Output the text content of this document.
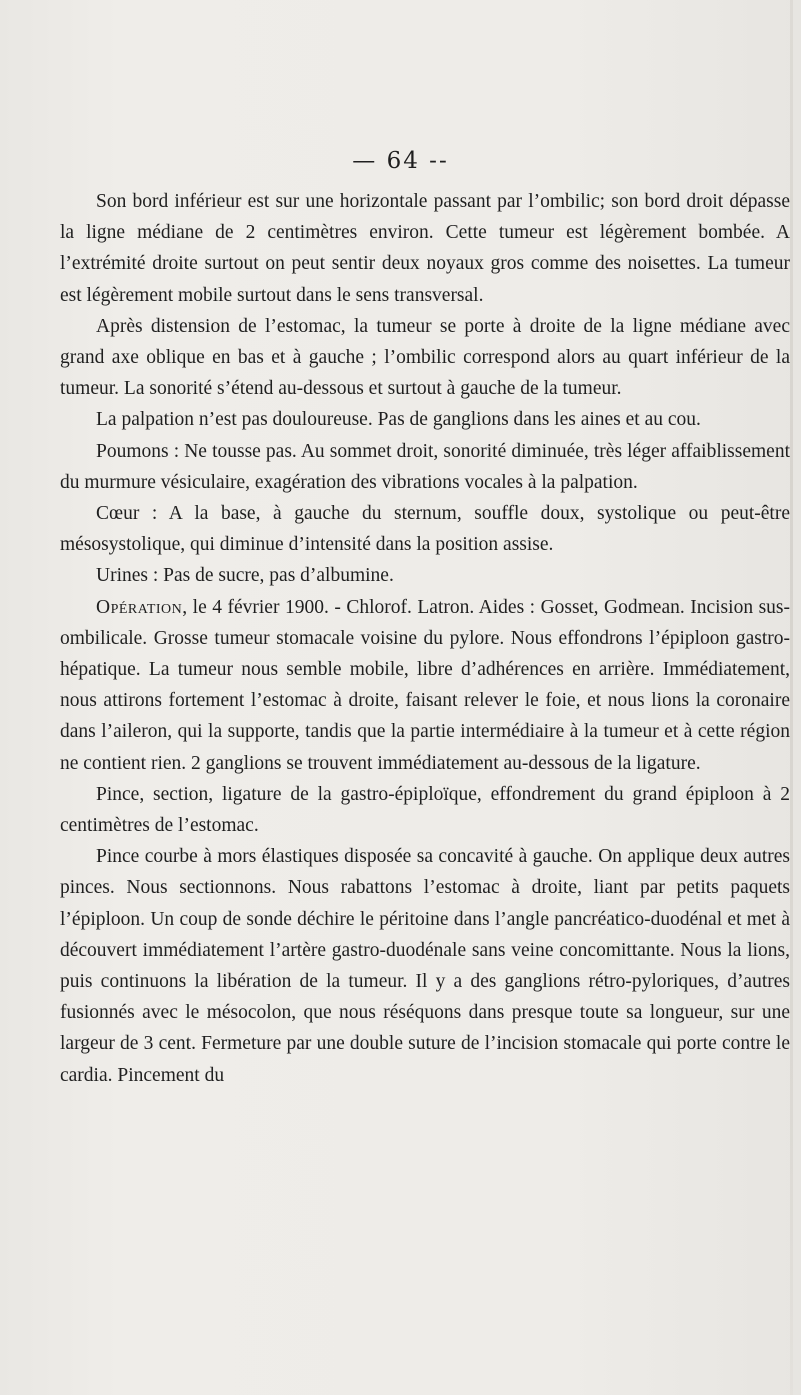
— 64 --

Son bord inférieur est sur une horizontale passant par l’ombilic; son bord droit dépasse la ligne médiane de 2 centimètres environ. Cette tumeur est légèrement bombée. A l’extrémité droite surtout on peut sentir deux noyaux gros comme des noisettes. La tumeur est légèrement mobile surtout dans le sens transversal.

Après distension de l’estomac, la tumeur se porte à droite de la ligne médiane avec grand axe oblique en bas et à gauche ; l’ombilic correspond alors au quart inférieur de la tumeur. La sonorité s’étend au-dessous et surtout à gauche de la tumeur.

La palpation n’est pas douloureuse. Pas de ganglions dans les aines et au cou.

Poumons : Ne tousse pas. Au sommet droit, sonorité diminuée, très léger affaiblissement du murmure vésiculaire, exagération des vibrations vocales à la palpation.

Cœur : A la base, à gauche du sternum, souffle doux, systolique ou peut-être mésosystolique, qui diminue d’intensité dans la position assise.

Urines : Pas de sucre, pas d’albumine.

Opération, le 4 février 1900. - Chlorof. Latron. Aides : Gosset, Godmean. Incision sus-ombilicale. Grosse tumeur stomacale voisine du pylore. Nous effondrons l’épiploon gastro-hépatique. La tumeur nous semble mobile, libre d’adhérences en arrière. Immédiatement, nous attirons fortement l’estomac à droite, faisant relever le foie, et nous lions la coronaire dans l’aileron, qui la supporte, tandis que la partie intermédiaire à la tumeur et à cette région ne contient rien. 2 ganglions se trouvent immédiatement au-dessous de la ligature.

Pince, section, ligature de la gastro-épiploïque, effondrement du grand épiploon à 2 centimètres de l’estomac.

Pince courbe à mors élastiques disposée sa concavité à gauche. On applique deux autres pinces. Nous sectionnons. Nous rabattons l’estomac à droite, liant par petits paquets l’épiploon. Un coup de sonde déchire le péritoine dans l’angle pancréatico-duodénal et met à découvert immédiatement l’artère gastro-duodénale sans veine concomittante. Nous la lions, puis continuons la libération de la tumeur. Il y a des ganglions rétro-pyloriques, d’autres fusionnés avec le mésocolon, que nous réséquons dans presque toute sa longueur, sur une largeur de 3 cent. Fermeture par une double suture de l’incision stomacale qui porte contre le cardia. Pincement du
